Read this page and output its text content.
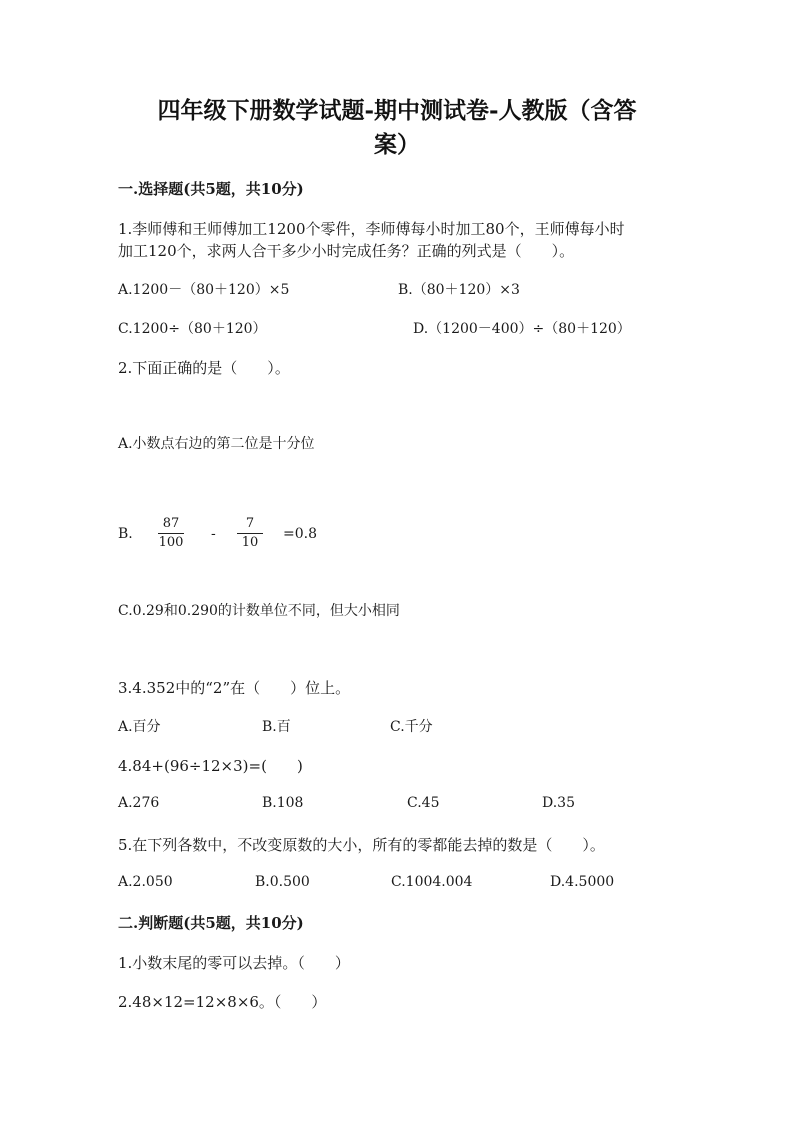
四年级下册数学试题-期中测试卷-人教版（含答
案）
一.选择题(共5题，共10分)
1.李师傅和王师傅加工1200个零件，李师傅每小时加工80个，王师傅每小时
加工120个，求两人合干多少小时完成任务？正确的列式是（　　）。
A.1200－（80＋120）×5	B.（80＋120）×3
C.1200÷（80＋120）	D.（1200－400）÷（80＋120）
2.下面正确的是（　　）。
A.小数点右边的第二位是十分位
B.
87
100
-
7
10
=0.8
C.0.29和0.290的计数单位不同，但大小相同
3.4.352中的“2”在（　　）位上。
A.百分	B.百	C.千分
4.84+(96÷12×3)=(　　)
A.276	B.108	C.45	D.35
5.在下列各数中，不改变原数的大小，所有的零都能去掉的数是（　　）。
A.2.050	B.0.500	C.1004.004	D.4.5000
二.判断题(共5题，共10分)
1.小数末尾的零可以去掉。（　　）
2.48×12=12×8×6。（　　）
